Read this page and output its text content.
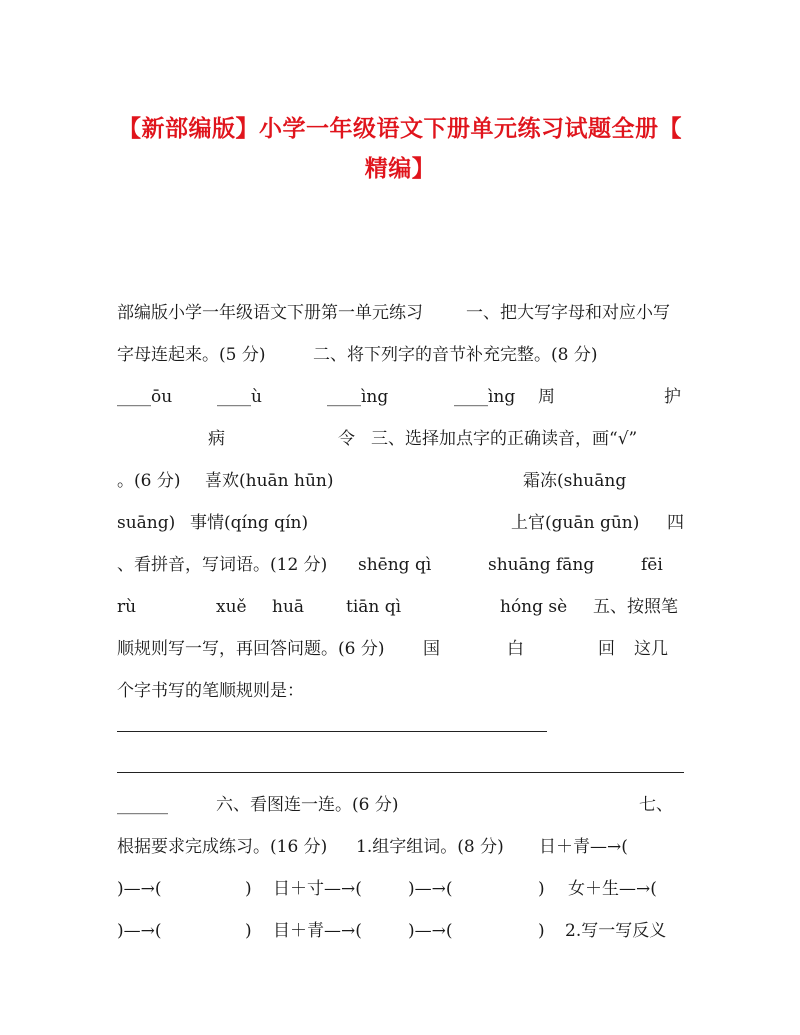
【新部编版】小学一年级语文下册单元练习试题全册【
精编】
部编版小学一年级语文下册第一单元练习	一、把大写字母和对应小写
字母连起来。(5 分)	二、将下列字的音节补充完整。(8 分)
____ōu	____ù	____ìng	____ìng 周	护
病	令 三、选择加点字的正确读音，画“√”
。(6 分) 喜欢(huān hūn)	霜冻(shuāng
suāng) 事情(qíng qín)	上官(guān gūn) 四
、看拼音，写词语。(12 分) shēng qì	shuāng fāng	fēi
rù	xuě huā tiān qì	hóng sè 五、按照笔
顺规则写一写，再回答问题。(6 分) 国	白	回 这几
个字书写的笔顺规则是：
______	六、看图连一连。(6 分)	七、
根据要求完成练习。(16 分) 1.组字组词。(8 分) 日＋青—→(
)—→(	) 日＋寸—→(	)—→(	) 女＋生—→(
)—→(	) 目＋青—→(	)—→(	) 2.写一写反义
